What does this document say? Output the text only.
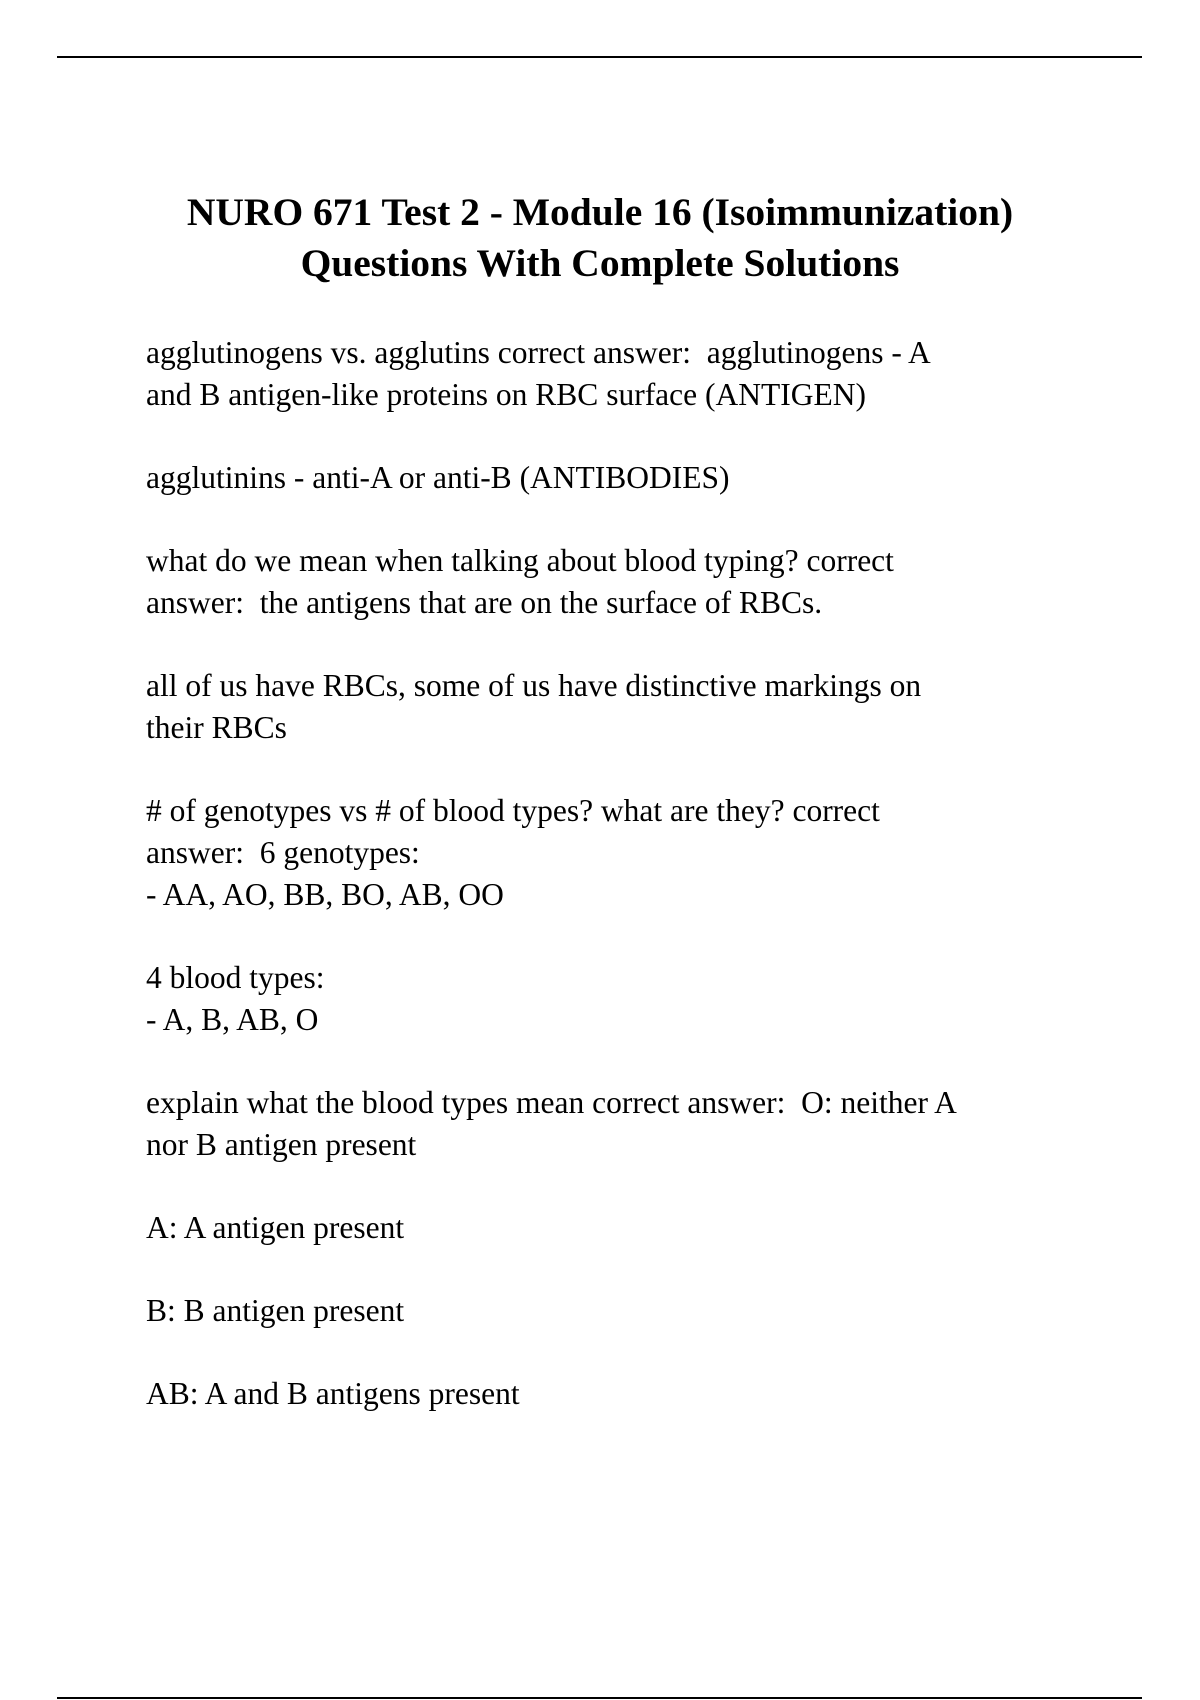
NURO 671 Test 2 - Module 16 (Isoimmunization)
Questions With Complete Solutions

agglutinogens vs. agglutins correct answer:  agglutinogens - A
and B antigen-like proteins on RBC surface (ANTIGEN)

agglutinins - anti-A or anti-B (ANTIBODIES)

what do we mean when talking about blood typing? correct
answer:  the antigens that are on the surface of RBCs.

all of us have RBCs, some of us have distinctive markings on
their RBCs

# of genotypes vs # of blood types? what are they? correct
answer:  6 genotypes:
- AA, AO, BB, BO, AB, OO

4 blood types:
- A, B, AB, O

explain what the blood types mean correct answer:  O: neither A
nor B antigen present

A: A antigen present

B: B antigen present

AB: A and B antigens present
